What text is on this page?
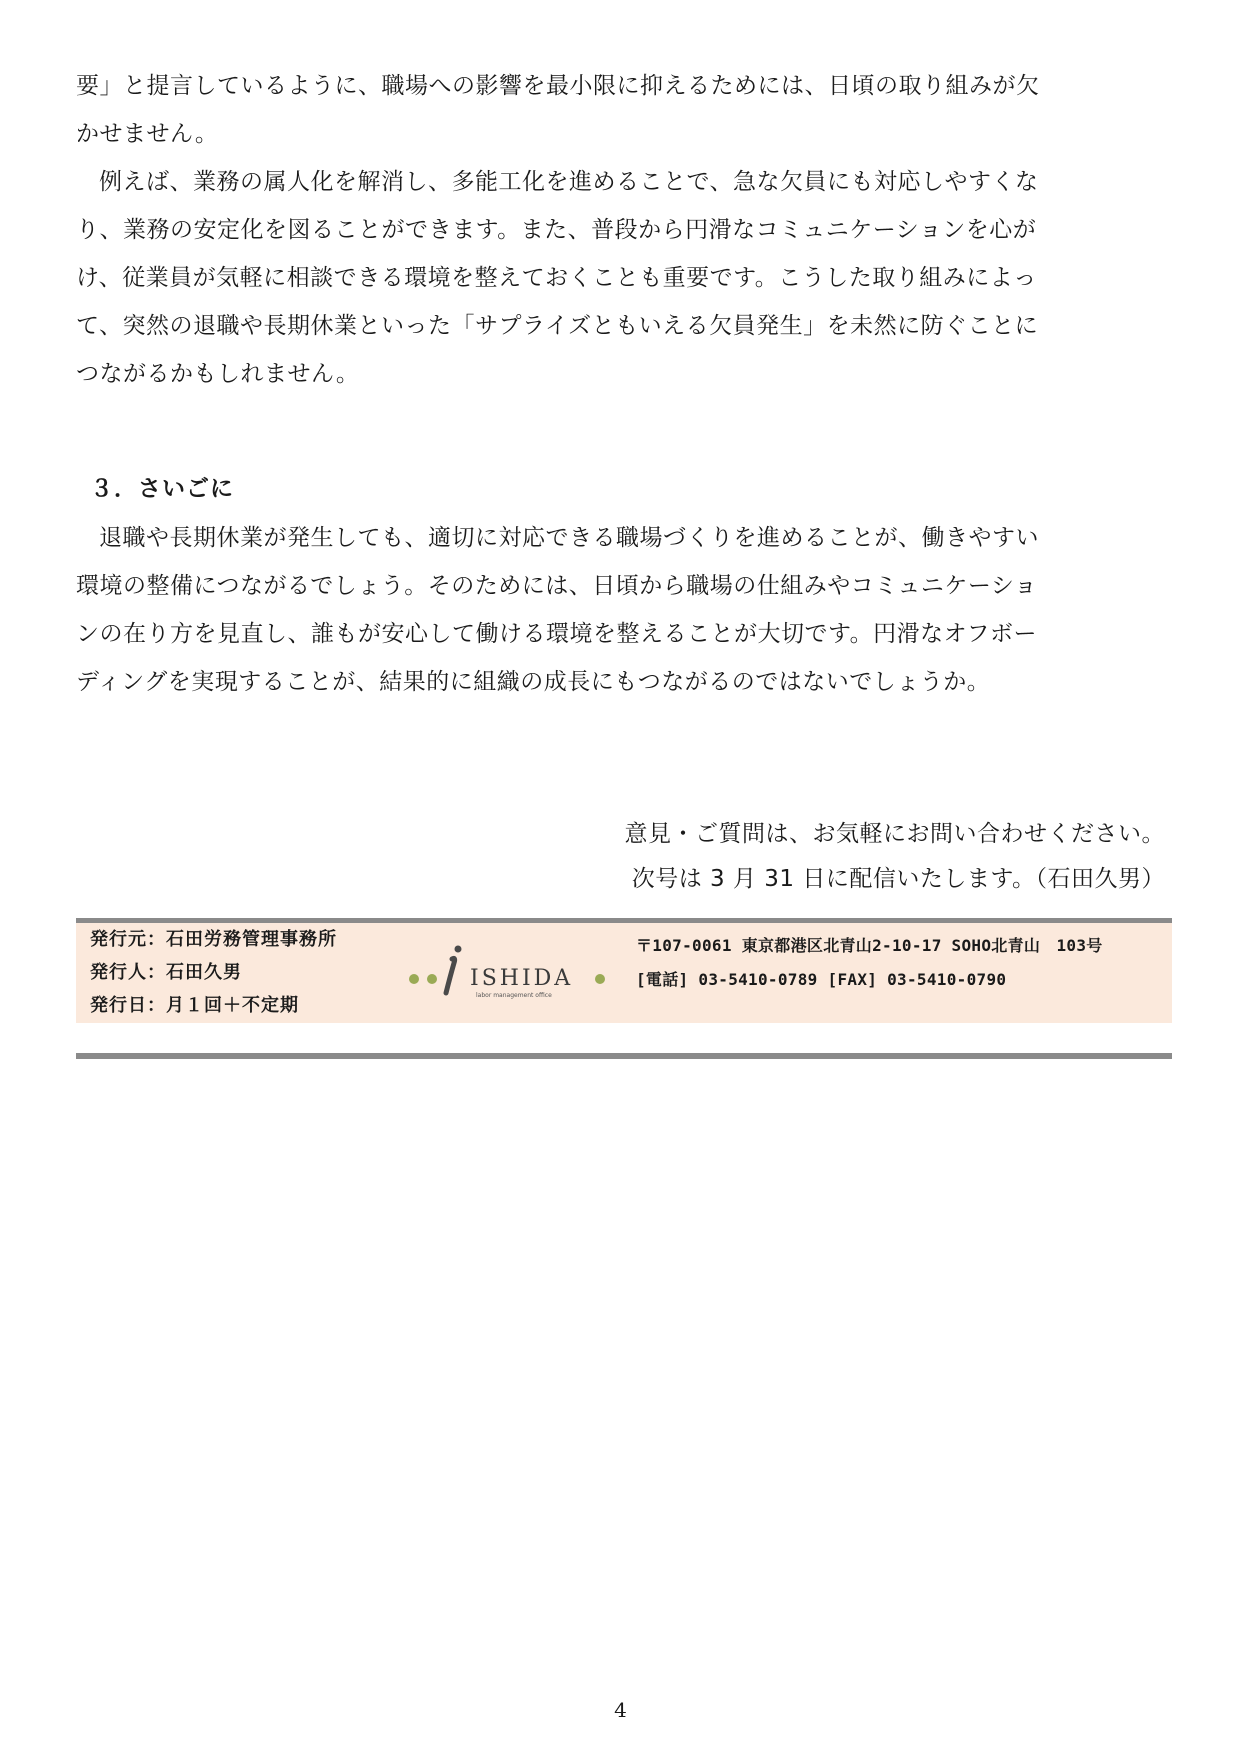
要」と提言しているように、職場への影響を最小限に抑えるためには、日頃の取り組みが欠
かせません。

例えば、業務の属人化を解消し、多能工化を進めることで、急な欠員にも対応しやすくな
り、業務の安定化を図ることができます。また、普段から円滑なコミュニケーションを心が
け、従業員が気軽に相談できる環境を整えておくことも重要です。こうした取り組みによっ
て、突然の退職や長期休業といった「サプライズともいえる欠員発生」を未然に防ぐことに
つながるかもしれません。

３．さいごに

退職や長期休業が発生しても、適切に対応できる職場づくりを進めることが、働きやすい
環境の整備につながるでしょう。そのためには、日頃から職場の仕組みやコミュニケーショ
ンの在り方を見直し、誰もが安心して働ける環境を整えることが大切です。円滑なオフボー
ディングを実現することが、結果的に組織の成長にもつながるのではないでしょうか。

意見・ご質問は、お気軽にお問い合わせください。
次号は 3 月 31 日に配信いたします。（石田久男）
発行元：石田労務管理事務所
発行人：石田久男
発行日：月１回＋不定期
ISHIDA
labor management office
〒107-0061 東京都港区北青山2-10-17 SOHO北青山　103号
[電話] 03-5410-0789 [FAX] 03-5410-0790
4
